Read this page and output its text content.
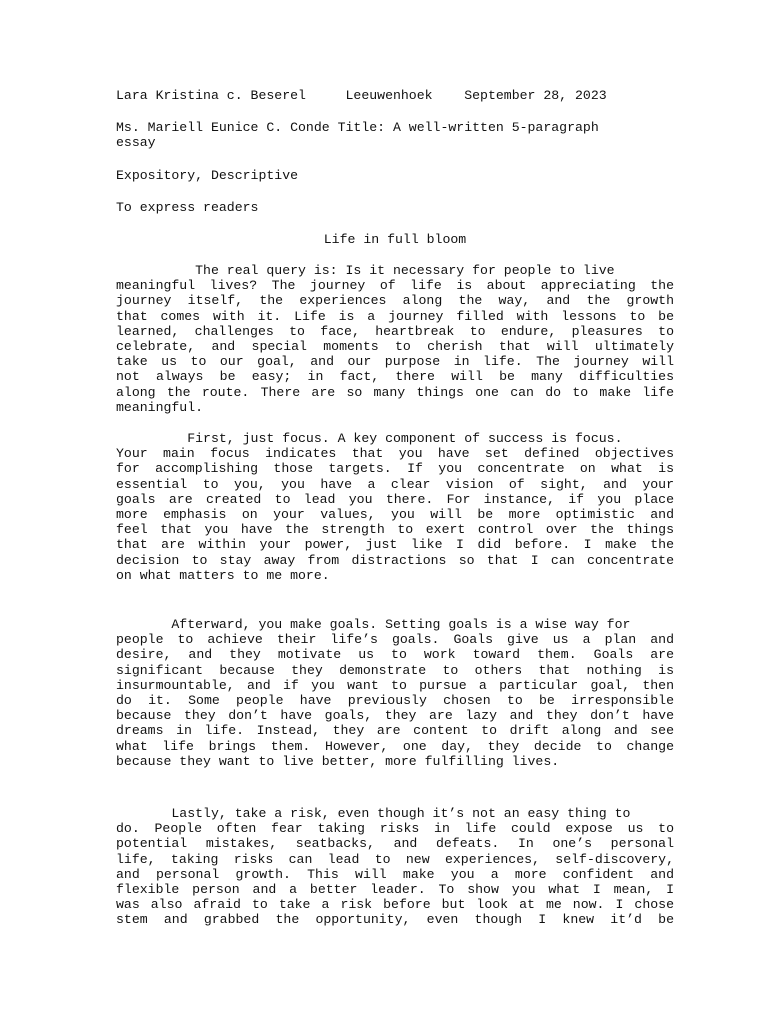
Lara Kristina c. Beserel     Leeuwenhoek    September 28, 2023

Ms. Mariell Eunice C. Conde Title: A well-written 5-paragraph

essay

Expository, Descriptive

To express readers

Life in full bloom

The real query is: Is it necessary for people to live
meaningful lives? The journey of life is about appreciating the
journey itself, the experiences along the way, and the growth
that comes with it. Life is a journey filled with lessons to be
learned, challenges to face, heartbreak to endure, pleasures to
celebrate, and special moments to cherish that will ultimately
take us to our goal, and our purpose in life. The journey will
not always be easy; in fact, there will be many difficulties
along the route. There are so many things one can do to make life
meaningful.
First, just focus. A key component of success is focus.
Your main focus indicates that you have set defined objectives
for accomplishing those targets. If you concentrate on what is
essential to you, you have a clear vision of sight, and your
goals are created to lead you there. For instance, if you place
more emphasis on your values, you will be more optimistic and
feel that you have the strength to exert control over the things
that are within your power, just like I did before. I make the
decision to stay away from distractions so that I can concentrate
on what matters to me more.
Afterward, you make goals. Setting goals is a wise way for
people to achieve their life’s goals. Goals give us a plan and
desire, and they motivate us to work toward them. Goals are
significant because they demonstrate to others that nothing is
insurmountable, and if you want to pursue a particular goal, then
do it. Some people have previously chosen to be irresponsible
because they don’t have goals, they are lazy and they don’t have
dreams in life. Instead, they are content to drift along and see
what life brings them. However, one day, they decide to change
because they want to live better, more fulfilling lives.
Lastly, take a risk, even though it’s not an easy thing to
do. People often fear taking risks in life could expose us to
potential mistakes, seatbacks, and defeats. In one’s personal
life, taking risks can lead to new experiences, self-discovery,
and personal growth. This will make you a more confident and
flexible person and a better leader. To show you what I mean, I
was also afraid to take a risk before but look at me now. I chose
stem and grabbed the opportunity, even though I knew it’d be
